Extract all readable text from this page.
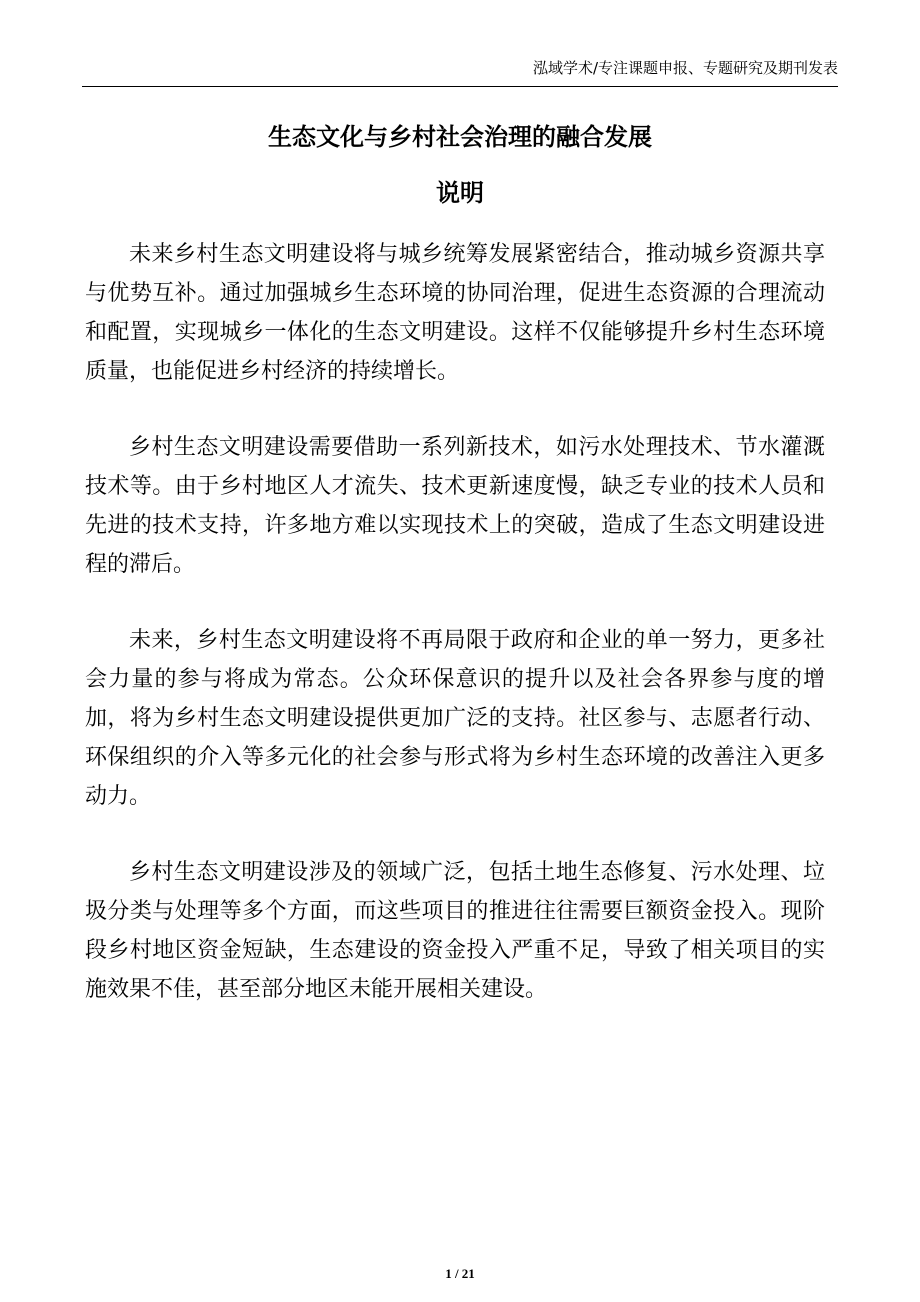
泓域学术/专注课题申报、专题研究及期刊发表
生态文化与乡村社会治理的融合发展
说明

未来乡村生态文明建设将与城乡统筹发展紧密结合，推动城乡资源共享与优势互补。通过加强城乡生态环境的协同治理，促进生态资源的合理流动和配置，实现城乡一体化的生态文明建设。这样不仅能够提升乡村生态环境质量，也能促进乡村经济的持续增长。

乡村生态文明建设需要借助一系列新技术，如污水处理技术、节水灌溉技术等。由于乡村地区人才流失、技术更新速度慢，缺乏专业的技术人员和先进的技术支持，许多地方难以实现技术上的突破，造成了生态文明建设进程的滞后。

未来，乡村生态文明建设将不再局限于政府和企业的单一努力，更多社会力量的参与将成为常态。公众环保意识的提升以及社会各界参与度的增加，将为乡村生态文明建设提供更加广泛的支持。社区参与、志愿者行动、环保组织的介入等多元化的社会参与形式将为乡村生态环境的改善注入更多动力。

乡村生态文明建设涉及的领域广泛，包括土地生态修复、污水处理、垃圾分类与处理等多个方面，而这些项目的推进往往需要巨额资金投入。现阶段乡村地区资金短缺，生态建设的资金投入严重不足，导致了相关项目的实施效果不佳，甚至部分地区未能开展相关建设。

1 / 21
